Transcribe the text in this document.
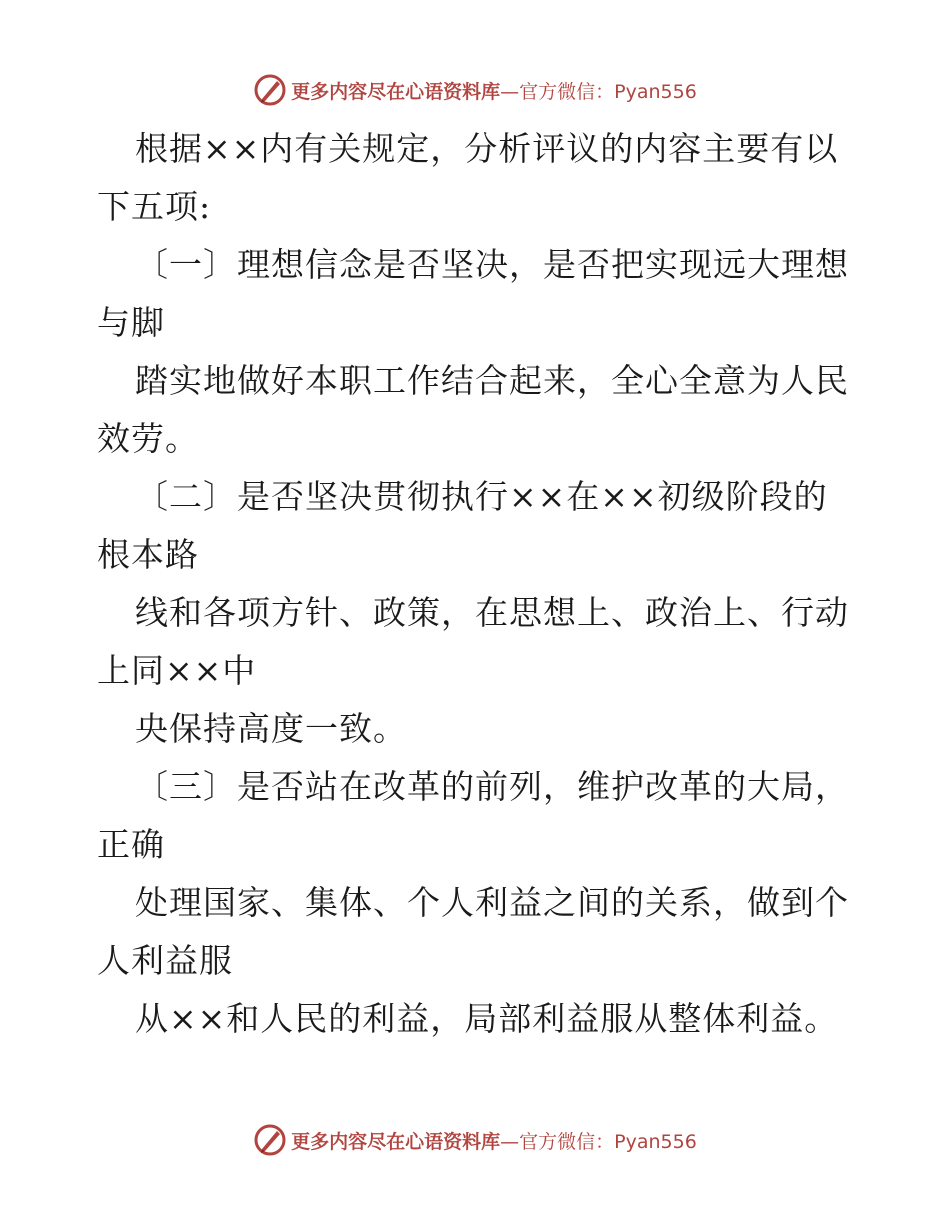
更多内容尽在心语资料库 —官方微信：Pyan556
根据××内有关规定，分析评议的内容主要有以
下五项:
〔一〕理想信念是否坚决，是否把实现远大理想
与脚
踏实地做好本职工作结合起来，全心全意为人民
效劳。
〔二〕是否坚决贯彻执行××在××初级阶段的
根本路
线和各项方针、政策，在思想上、政治上、行动
上同××中
央保持高度一致。
〔三〕是否站在改革的前列，维护改革的大局，
正确
处理国家、集体、个人利益之间的关系，做到个
人利益服
从××和人民的利益，局部利益服从整体利益。
更多内容尽在心语资料库 —官方微信：Pyan556
